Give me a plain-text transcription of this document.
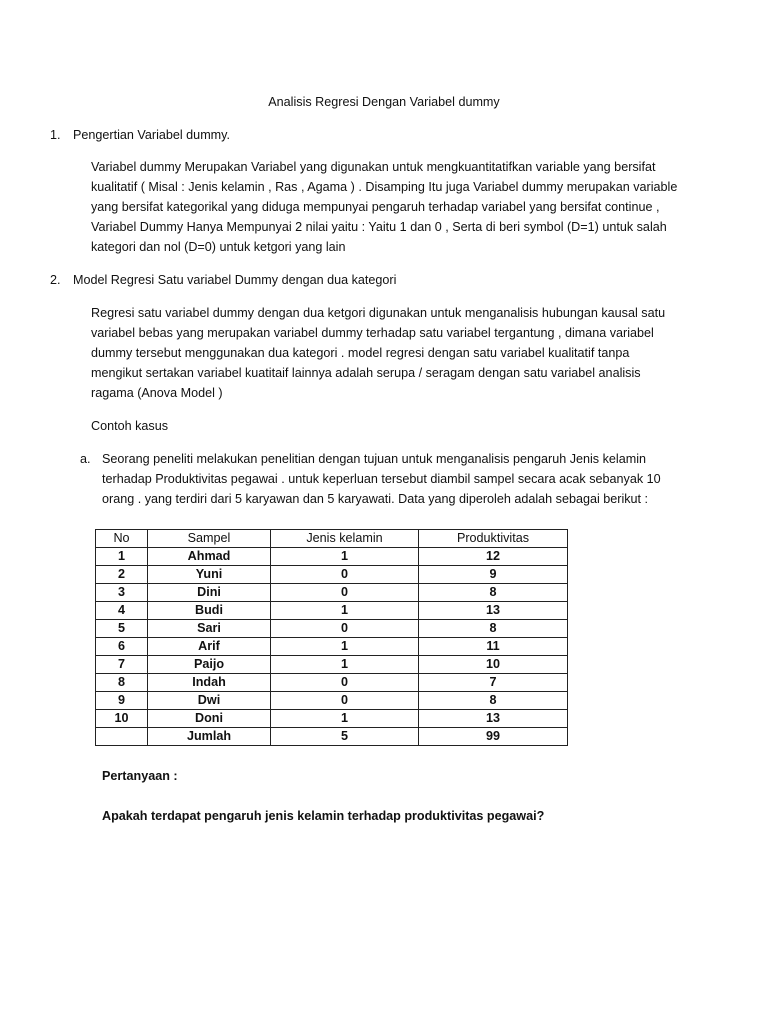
Analisis Regresi Dengan Variabel dummy
1. Pengertian Variabel dummy.

Variabel dummy Merupakan Variabel yang digunakan untuk mengkuantitatifkan variable yang bersifat

kualitatif ( Misal : Jenis kelamin , Ras , Agama ) . Disamping Itu juga Variabel dummy merupakan variable

yang bersifat kategorikal yang diduga mempunyai pengaruh terhadap variabel yang bersifat continue ,

Variabel Dummy Hanya Mempunyai 2 nilai yaitu : Yaitu 1 dan 0 , Serta di beri symbol (D=1) untuk salah

kategori dan nol (D=0) untuk ketgori yang lain

2. Model Regresi Satu variabel Dummy dengan dua kategori

Regresi satu variabel dummy dengan dua ketgori digunakan untuk menganalisis hubungan kausal satu

variabel bebas yang merupakan variabel dummy terhadap satu variabel tergantung , dimana variabel

dummy tersebut menggunakan dua kategori . model regresi dengan satu variabel kualitatif tanpa

mengikut sertakan variabel kuatitaif lainnya adalah serupa / seragam dengan satu variabel analisis

ragama (Anova Model )

Contoh kasus
a. Seorang peneliti melakukan penelitian dengan tujuan untuk menganalisis pengaruh Jenis kelamin

terhadap Produktivitas pegawai . untuk keperluan tersebut diambil sampel secara acak sebanyak 10

orang . yang terdiri dari 5 karyawan dan 5 karyawati. Data yang diperoleh adalah sebagai berikut :

No	Sampel	Jenis kelamin	Produktivitas
1	Ahmad	1	12
2	Yuni	0	9
3	Dini	0	8
4	Budi	1	13
5	Sari	0	8
6	Arif	1	11
7	Paijo	1	10
8	Indah	0	7
9	Dwi	0	8
10	Doni	1	13
	Jumlah	5	99
Pertanyaan :
Apakah terdapat pengaruh jenis kelamin terhadap produktivitas pegawai?
